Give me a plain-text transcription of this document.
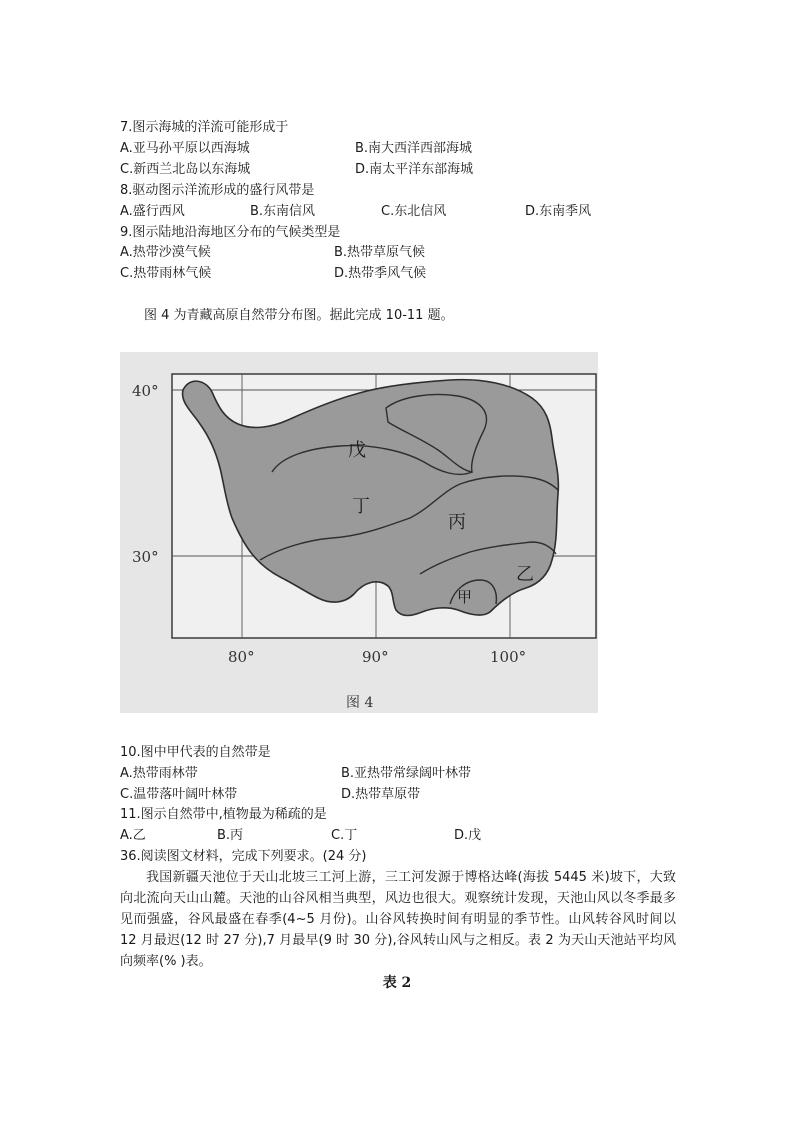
7.图示海城的洋流可能形成于
A.亚马孙平原以西海城	B.南大西洋西部海城
C.新西兰北岛以东海城	D.南太平洋东部海城
8.驱动图示洋流形成的盛行风带是
A.盛行西风	B.东南信风	C.东北信风	D.东南季风
9.图示陆地沿海地区分布的气候类型是
A.热带沙漠气候	B.热带草原气候
C.热带雨林气候	D.热带季风气候
图 4 为青藏高原自然带分布图。据此完成 10-11 题。
戊
丁
丙
乙
甲
40°
30°
80°	90°	100°
图 4
10.图中甲代表的自然带是
A.热带雨林带	B.亚热带常绿阔叶林带
C.温带落叶阔叶林带	D.热带草原带
11.图示自然带中,植物最为稀疏的是
A.乙	B.丙	C.丁	D.戊
36.阅读图文材料，完成下列要求。(24 分)
我国新疆天池位于天山北坡三工河上游，三工河发源于博格达峰(海拔 5445 米)坡下，大致向北流向天山山麓。天池的山谷风相当典型，风边也很大。观察统计发现，天池山风以冬季最多见而强盛，谷风最盛在春季(4~5 月份)。山谷风转换时间有明显的季节性。山风转谷风时间以 12 月最迟(12 时 27 分),7 月最早(9 时 30 分),谷风转山风与之相反。表 2 为天山天池站平均风向频率(% )表。
表 2
